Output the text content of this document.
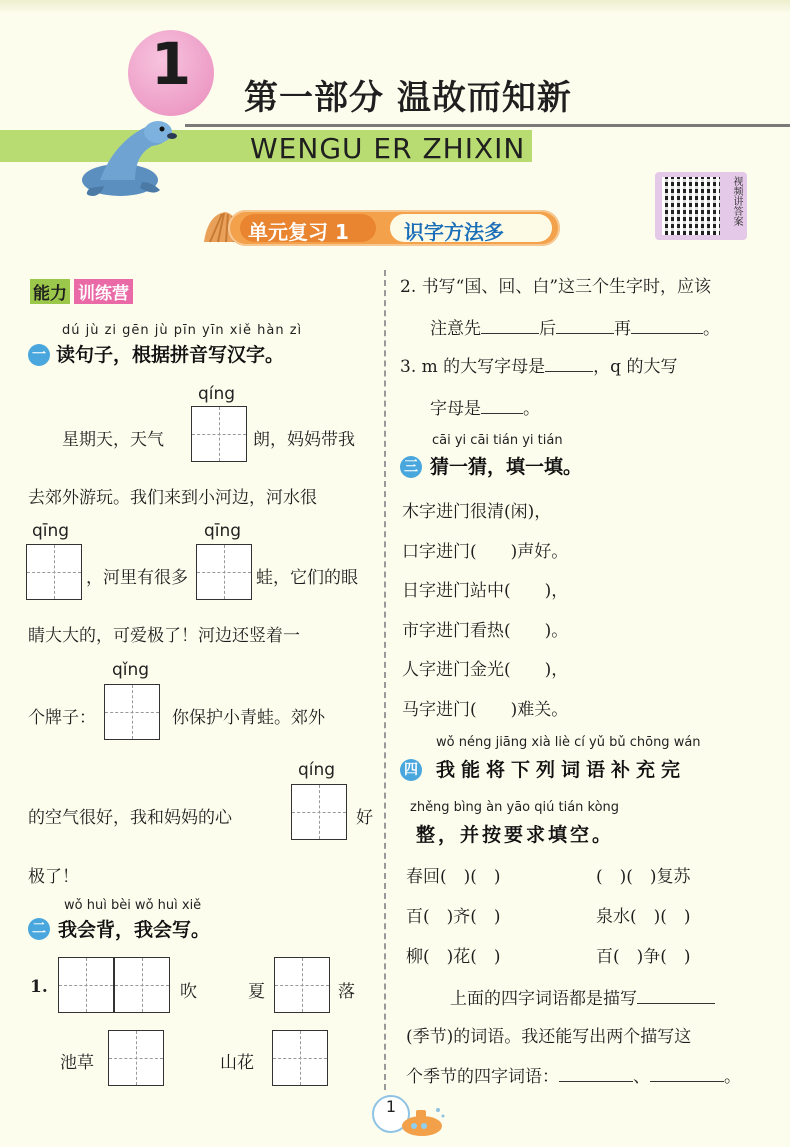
1	第一部分 温故而知新
WENGU ER ZHIXIN
视频讲答案
单元复习 1	识字方法多
能力 训练营
dú jù zi gēn jù pīn yīn xiě hàn zì
一 读句子，根据拼音写汉字。
qíng
星期天，天气	朗，妈妈带我
去郊外游玩。我们来到小河边，河水很
qīng
，河里有很多
qīng
蛙，它们的眼
睛大大的，可爱极了！河边还竖着一
qǐng
个牌子：	你保护小青蛙。郊外
qíng
的空气很好，我和妈妈的心	好
极了！
wǒ huì bèi wǒ huì xiě
二 我会背，我会写。
1.	吹	夏	落
池草	山花
2. 书写“国、回、白”这三个生字时，应该
注意先	后	再	。
3. m 的大写字母是	，q 的大写
字母是 。
cāi yi cāi tián yi tián
三 猜一猜，填一填。
木字进门很清(闲)，
口字进门(　　)声好。
日字进门站中(　　)，
市字进门看热(　　)。
人字进门金光(　　)，
马字进门(　　)难关。
wǒ néng jiāng xià liè cí yǔ bǔ chōng wán
四 我能将下列词语补充完
zhěng bìng àn yāo qiú tián kòng
整，并按要求填空。
春回(　)(　)	(　)(　)复苏
百(　)齐(　)	泉水(　)(　)
柳(　)花(　)	百(　)争(　)
上面的四字词语都是描写
(季节)的词语。我还能写出两个描写这
个季节的四字词语：	、	。
1
